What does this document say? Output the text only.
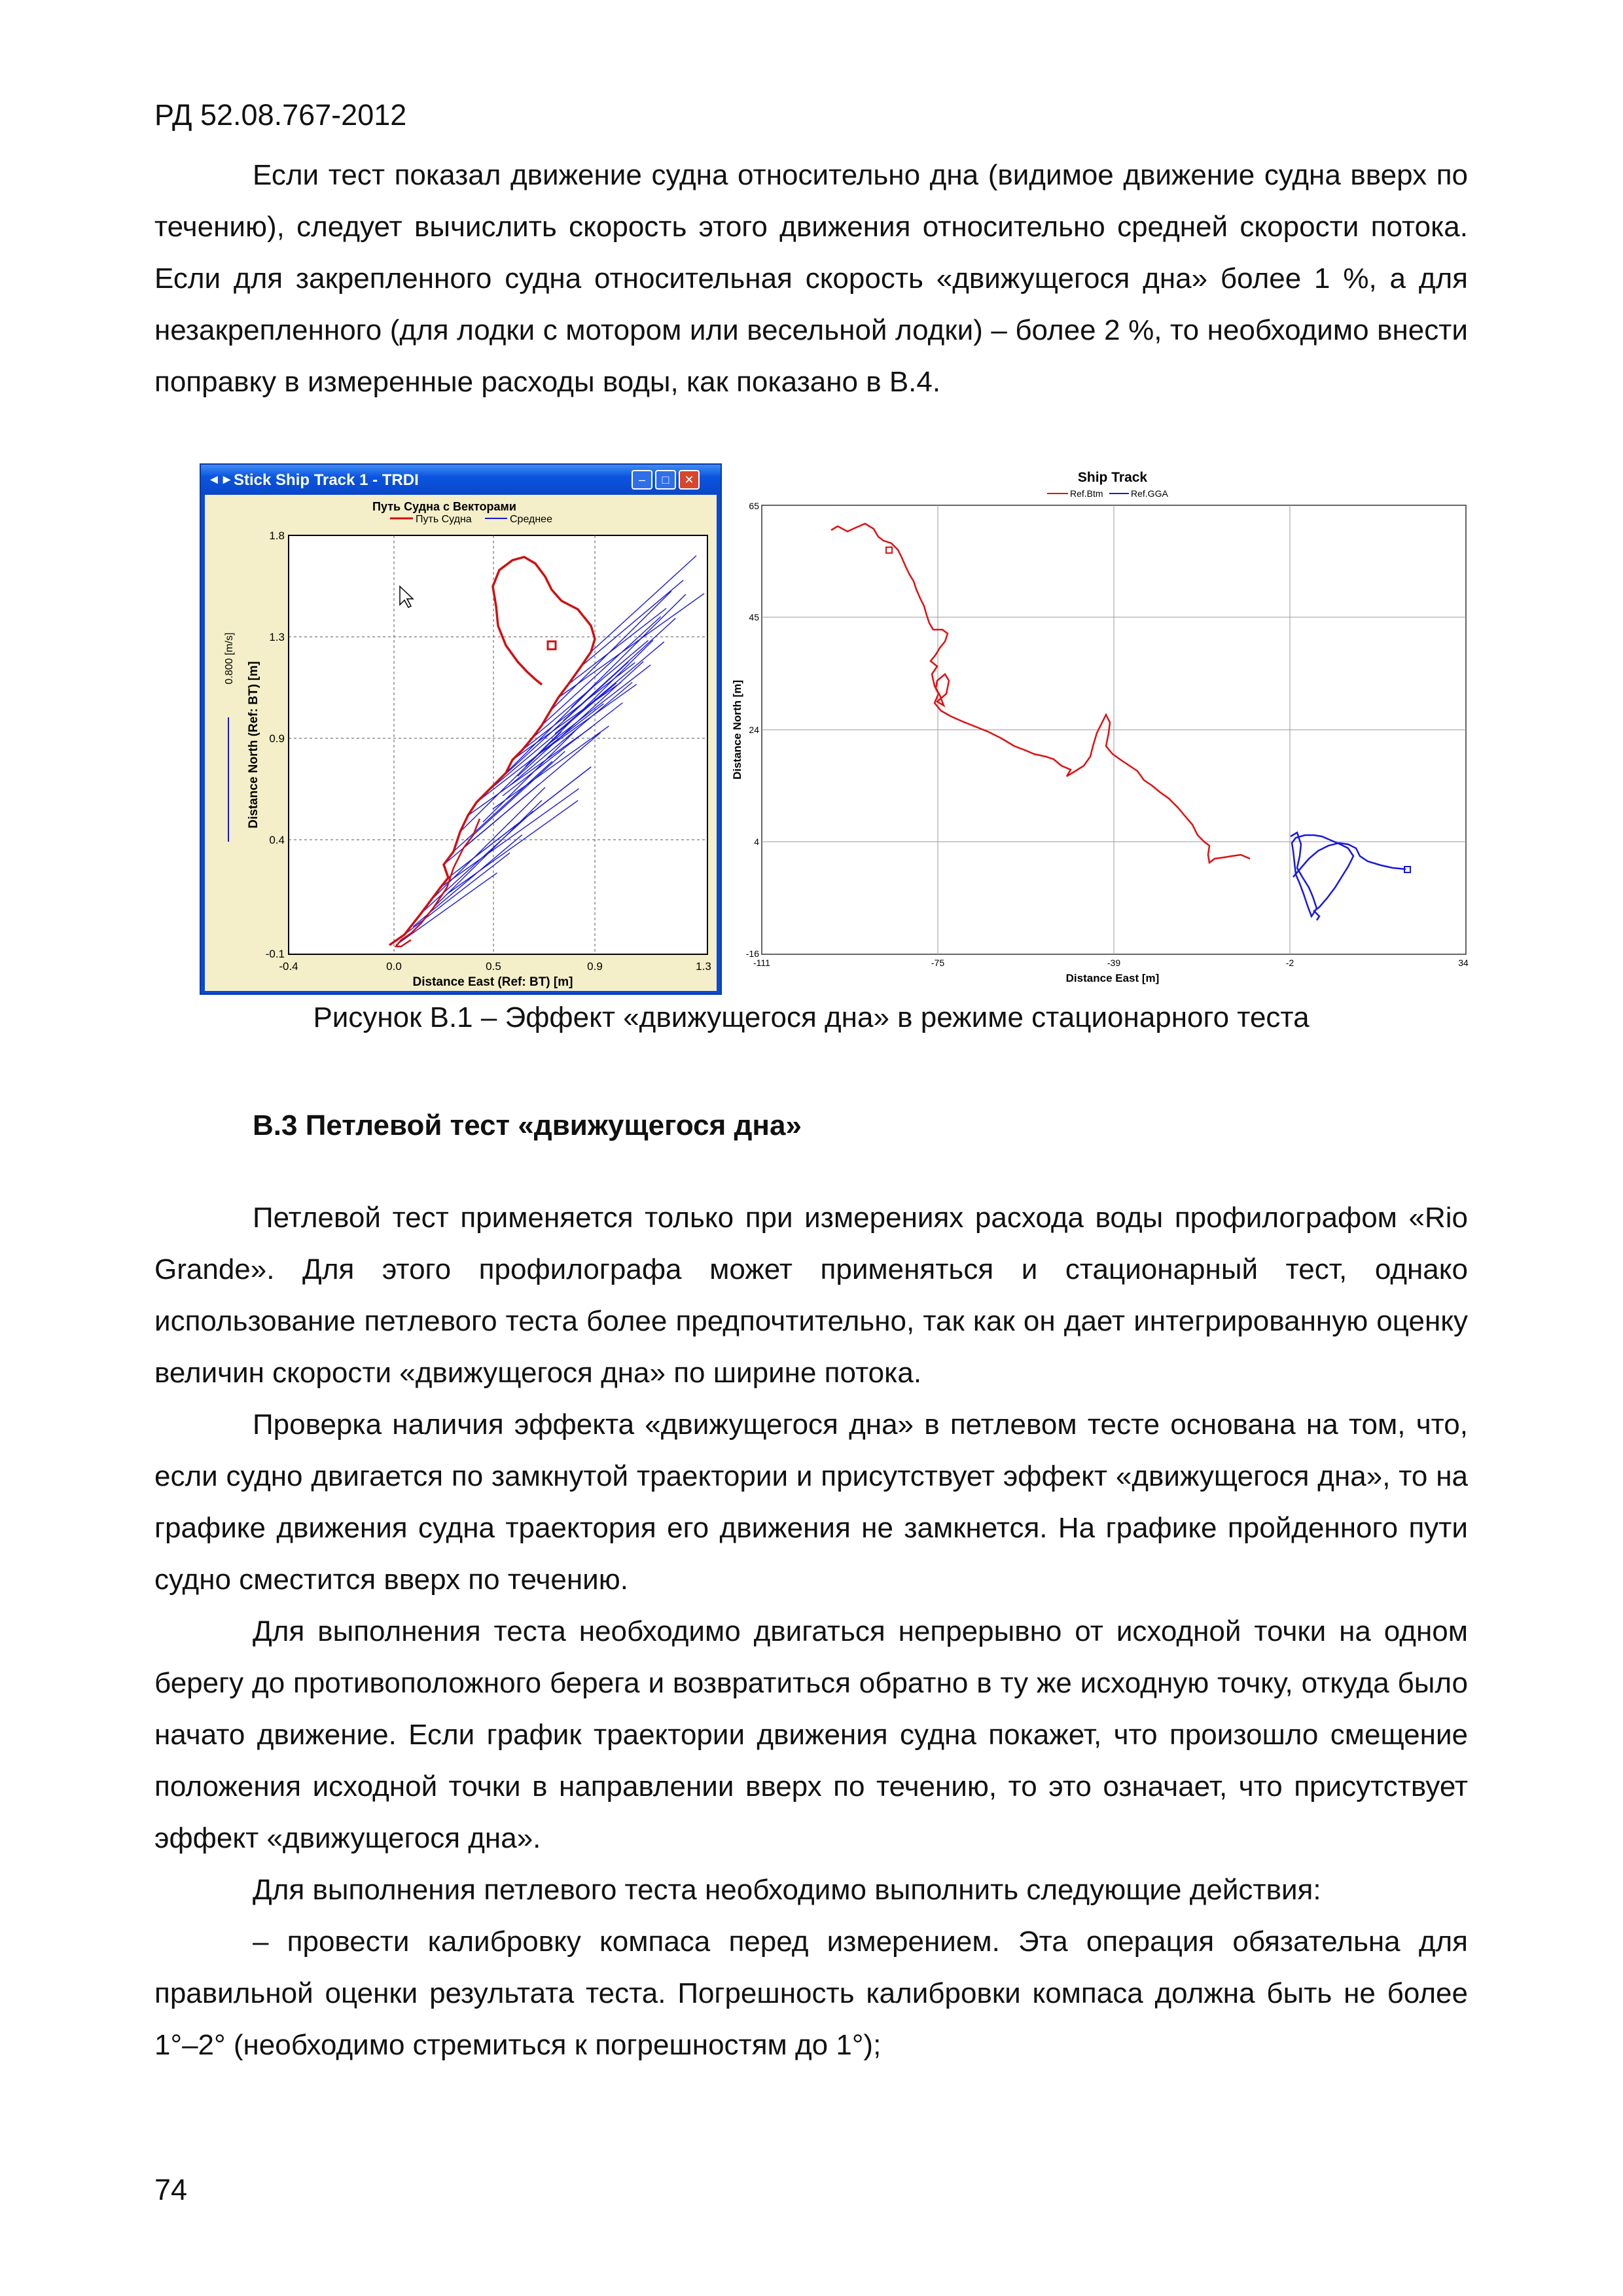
РД 52.08.767-2012

Если тест показал движение судна относительно дна (видимое движение судна вверх по течению), следует вычислить скорость этого движения относительно средней скорости потока. Если для закрепленного судна относительная скорость «движущегося дна» более 1 %, а для незакрепленного (для лодки с мотором или весельной лодки) – более 2 %, то необходимо внести поправку в измеренные расходы воды, как показано в В.4.

◄► Stick Ship Track 1 - TRDI	–	□	✕
Путь Судна с Векторами
Путь Судна	Среднее
1.8
1.3
0.9
0.4
-0.1
-0.4	0.0	0.5	0.9	1.3
Distance East (Ref: BT) [m]
Distance North (Ref: BT) [m]
0.800 [m/s]
Ship Track
Ref.Btm	Ref.GGA
65
45
24
4
-16
-111	-75	-39	-2	34
Distance East [m]
Distance North [m]
Рисунок В.1 – Эффект «движущегося дна» в режиме стационарного теста
В.3 Петлевой тест «движущегося дна»

Петлевой тест применяется только при измерениях расхода воды профилографом «Rio Grande». Для этого профилографа может применяться и стационарный тест, однако использование петлевого теста более предпочтительно, так как он дает интегрированную оценку величин скорости «движущегося дна» по ширине потока.

Проверка наличия эффекта «движущегося дна» в петлевом тесте основана на том, что, если судно двигается по замкнутой траектории и присутствует эффект «движущегося дна», то на графике движения судна траектория его движения не замкнется. На графике пройденного пути судно сместится вверх по течению.

Для выполнения теста необходимо двигаться непрерывно от исходной точки на одном берегу до противоположного берега и возвратиться обратно в ту же исходную точку, откуда было начато движение. Если график траектории движения судна покажет, что произошло смещение положения исходной точки в направлении вверх по течению, то это означает, что присутствует эффект «движущегося дна».

Для выполнения петлевого теста необходимо выполнить следующие действия:

– провести калибровку компаса перед измерением. Эта операция обязательна для правильной оценки результата теста. Погрешность калибровки компаса должна быть не более 1°–2° (необходимо стремиться к погрешностям до 1°);

74
